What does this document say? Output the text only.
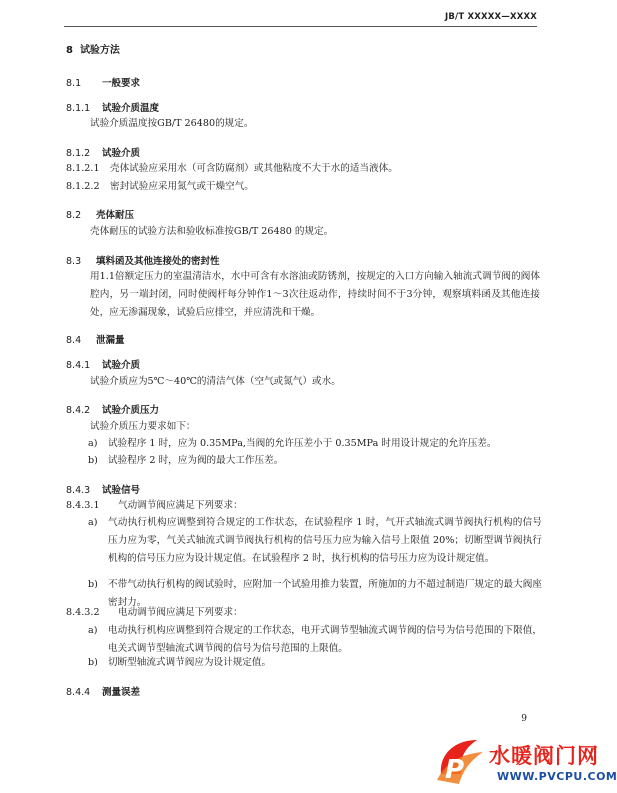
JB/T XXXXX—XXXX
8 试验方法
8.1 一般要求
8.1.1 试验介质温度
试验介质温度按GB/T 26480的规定。
8.1.2 试验介质
8.1.2.1 壳体试验应采用水（可含防腐剂）或其他粘度不大于水的适当液体。
8.1.2.2 密封试验应采用氮气或干燥空气。
8.2 壳体耐压
壳体耐压的试验方法和验收标准按GB/T 26480 的规定。
8.3 填料函及其他连接处的密封性
用1.1倍额定压力的室温清洁水，水中可含有水溶油或防锈剂，按规定的入口方向输入轴流式调节阀的阀体腔内，另一端封闭，同时使阀杆每分钟作1～3次往返动作，持续时间不于3分钟，观察填料函及其他连接处，应无渗漏现象，试验后应排空，并应清洗和干燥。
8.4 泄漏量
8.4.1 试验介质
试验介质应为5℃～40℃的清洁气体（空气或氮气）或水。
8.4.2 试验介质压力
试验介质压力要求如下：
a) 试验程序 1 时，应为 0.35MPa,当阀的允许压差小于 0.35MPa 时用设计规定的允许压差。
b) 试验程序 2 时，应为阀的最大工作压差。
8.4.3 试验信号
8.4.3.1 气动调节阀应满足下列要求：
a) 气动执行机构应调整到符合规定的工作状态，在试验程序 1 时，气开式轴流式调节阀执行机构的信号压力应为零，气关式轴流式调节阀执行机构的信号压力应为输入信号上限值 20%；切断型调节阀执行机构的信号压力应为设计规定值。在试验程序 2 时，执行机构的信号压力应为设计规定值。
b) 不带气动执行机构的阀试验时，应附加一个试验用推力装置，所施加的力不超过制造厂规定的最大阀座密封力。
8.4.3.2 电动调节阀应满足下列要求：
a) 电动执行机构应调整到符合规定的工作状态，电开式调节型轴流式调节阀的信号为信号范围的下限值，电关式调节型轴流式调节阀的信号为信号范围的上限值。
b) 切断型轴流式调节阀应为设计规定值。
8.4.4 测量误差
9
P 水暖阀门网
WWW.PVCPU.COM
